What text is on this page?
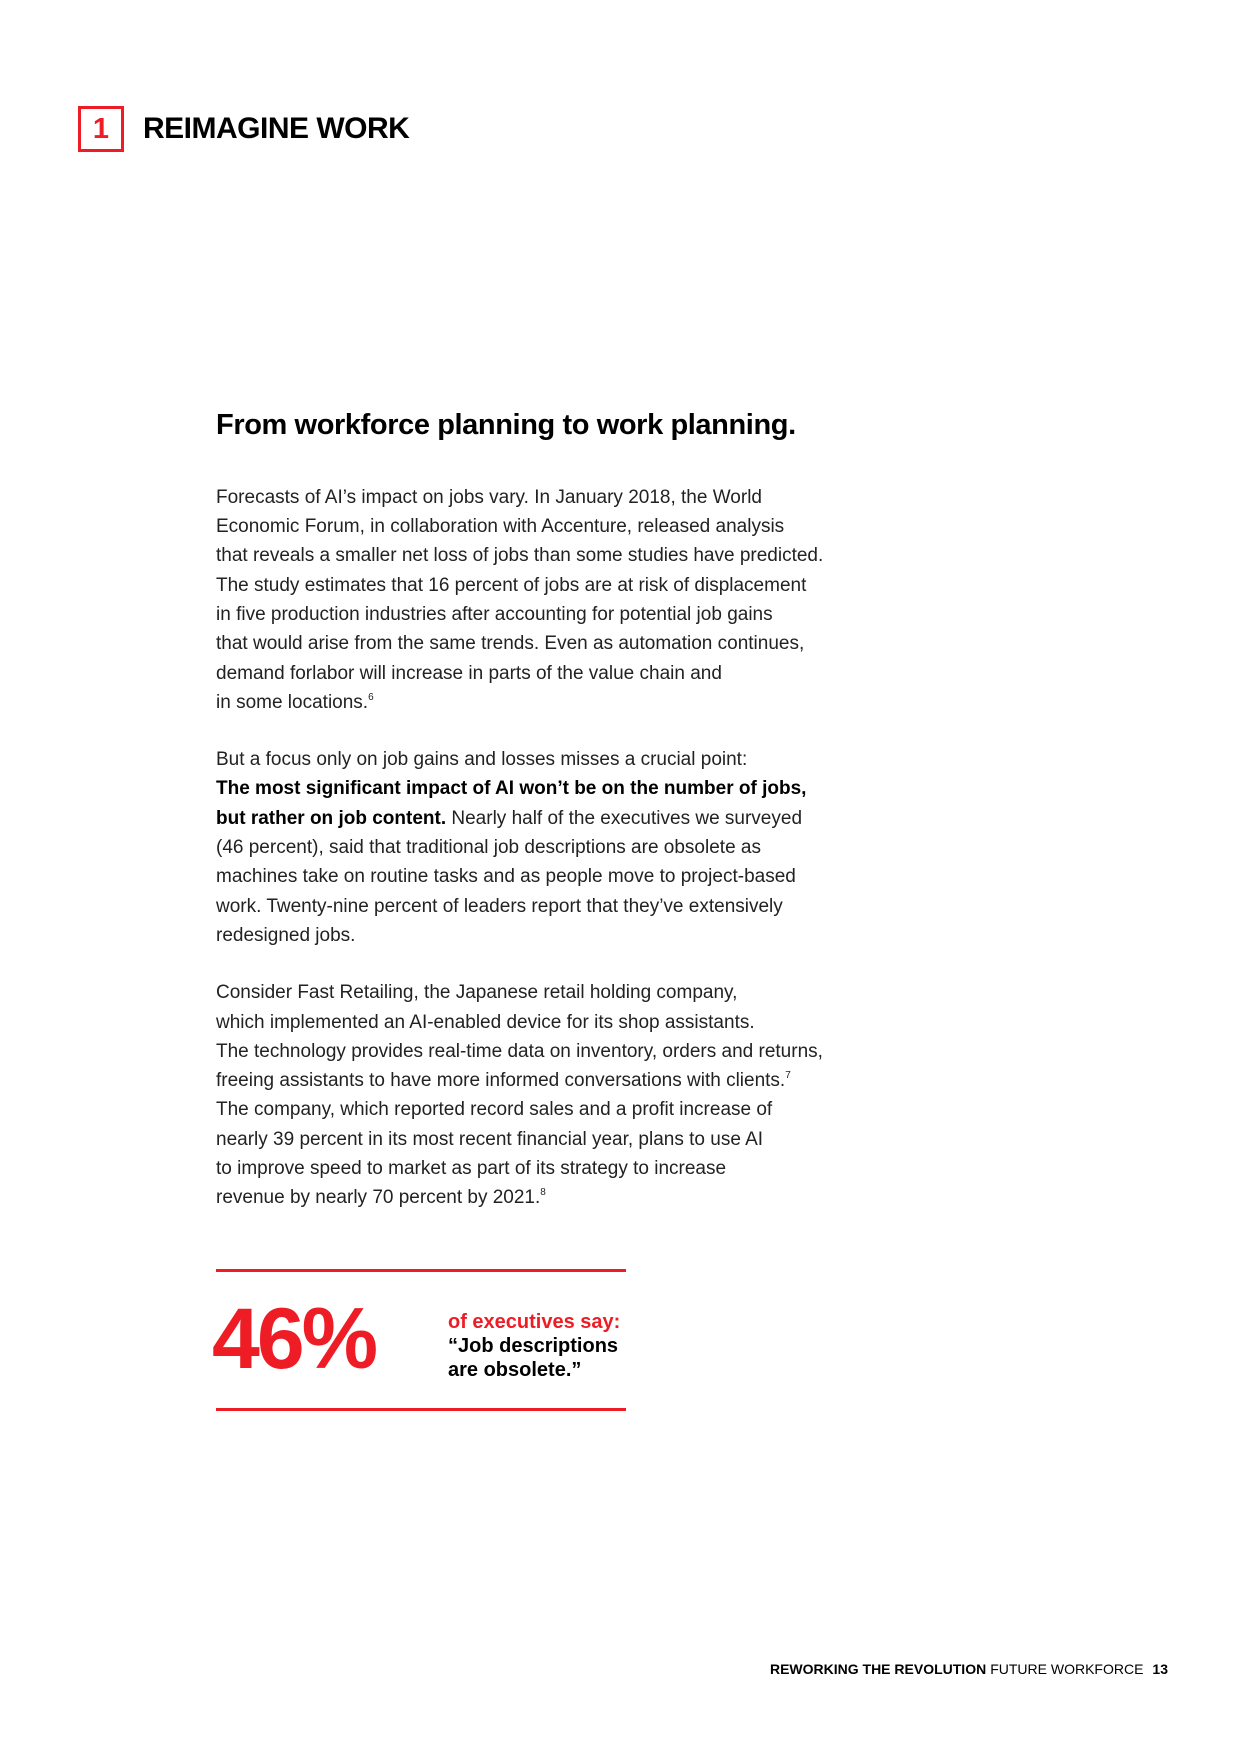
1	REIMAGINE WORK
From workforce planning to work planning.

Forecasts of AI’s impact on jobs vary. In January 2018, the World

Economic Forum, in collaboration with Accenture, released analysis

that reveals a smaller net loss of jobs than some studies have predicted.

The study estimates that 16 percent of jobs are at risk of displacement

in five production industries after accounting for potential job gains

that would arise from the same trends. Even as automation continues,

demand forlabor will increase in parts of the value chain and

in some locations.$^6$

But a focus only on job gains and losses misses a crucial point:

The most significant impact of AI won’t be on the number of jobs,

but rather on job content. Nearly half of the executives we surveyed

(46 percent), said that traditional job descriptions are obsolete as

machines take on routine tasks and as people move to project-based

work. Twenty-nine percent of leaders report that they’ve extensively

redesigned jobs.

Consider Fast Retailing, the Japanese retail holding company,

which implemented an AI-enabled device for its shop assistants.

The technology provides real-time data on inventory, orders and returns,

freeing assistants to have more informed conversations with clients.$^7$

The company, which reported record sales and a profit increase of

nearly 39 percent in its most recent financial year, plans to use AI

to improve speed to market as part of its strategy to increase

revenue by nearly 70 percent by 2021.$^8$

46%	of executives say:
“Job descriptions
are obsolete.”
REWORKING THE REVOLUTION FUTURE WORKFORCE 13
